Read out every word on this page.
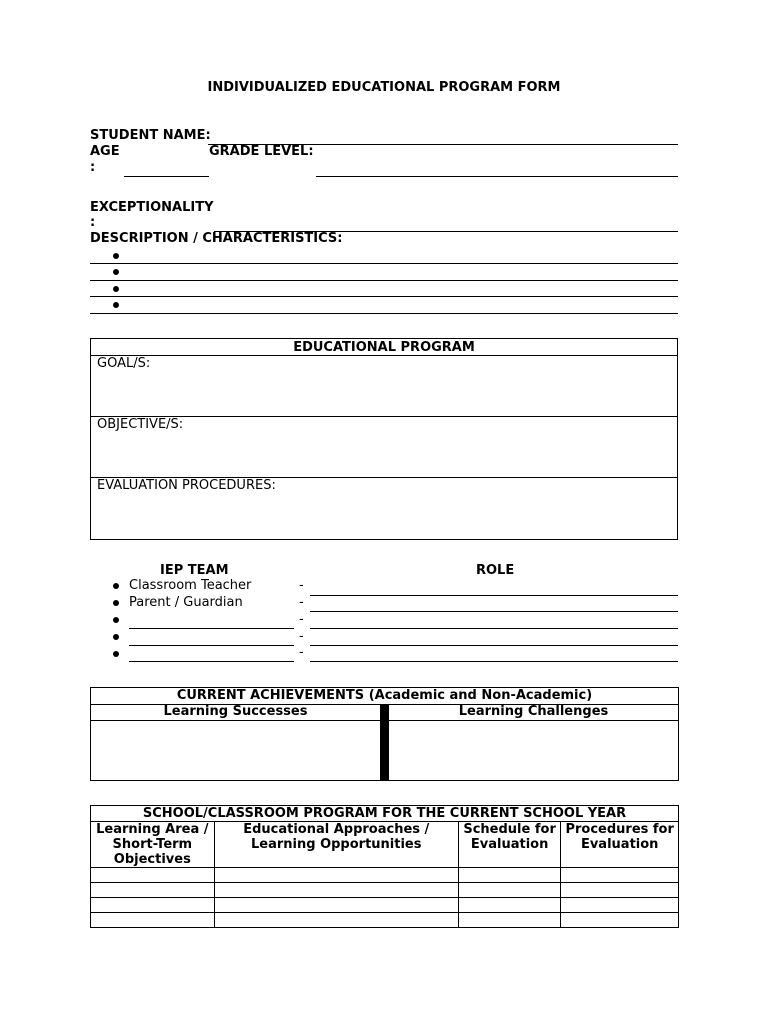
INDIVIDUALIZED EDUCATIONAL PROGRAM FORM
STUDENT NAME:
AGE
:
GRADE LEVEL:
EXCEPTIONALITY
:
DESCRIPTION / CHARACTERISTICS:
EDUCATIONAL PROGRAM
GOAL/S:
OBJECTIVE/S:
EVALUATION PROCEDURES:
IEP TEAM	ROLE
Classroom Teacher	-
Parent / Guardian	-
-
-
-
CURRENT ACHIEVEMENTS (Academic and Non-Academic)
Learning Successes	Learning Challenges
SCHOOL/CLASSROOM PROGRAM FOR THE CURRENT SCHOOL YEAR			
Learning Area / Short-Term Objectives	Educational Approaches / Learning Opportunities	Schedule for Evaluation	Procedures for Evaluation
